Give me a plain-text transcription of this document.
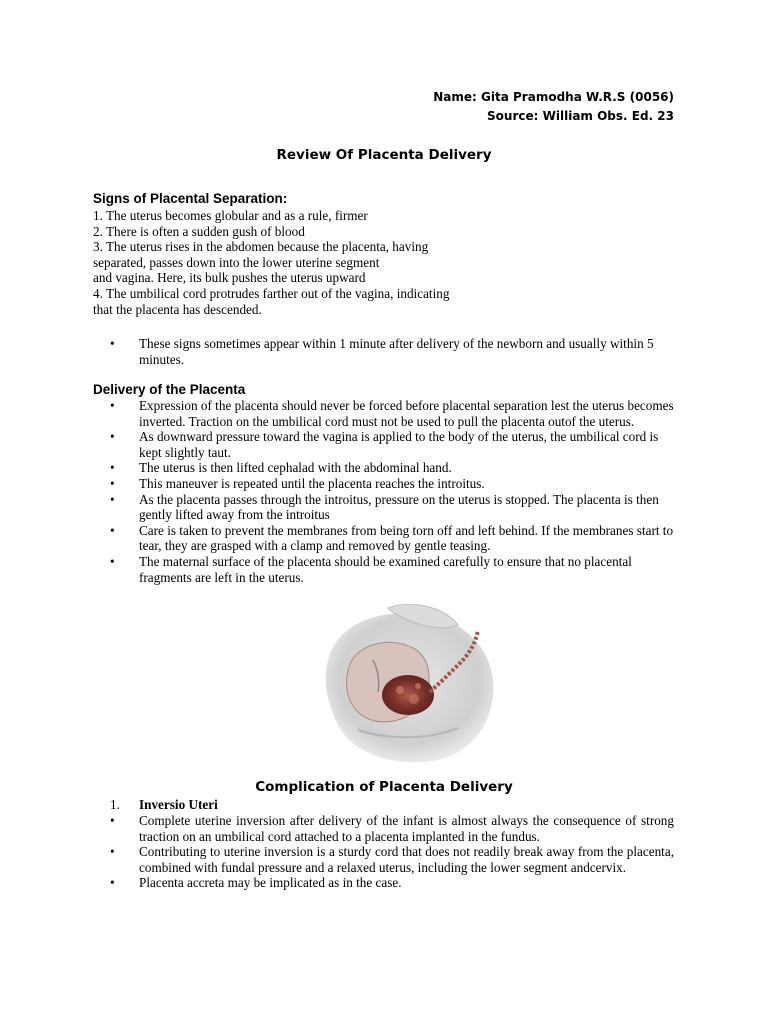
Name: Gita Pramodha W.R.S (0056)
Source: William Obs. Ed. 23
Review Of Placenta Delivery
Signs of Placental Separation:
1. The uterus becomes globular and as a rule, firmer
2. There is often a sudden gush of blood
3. The uterus rises in the abdomen because the placenta, having
separated, passes down into the lower uterine segment
and vagina. Here, its bulk pushes the uterus upward
4. The umbilical cord protrudes farther out of the vagina, indicating
that the placenta has descended.
• These signs sometimes appear within 1 minute after delivery of the newborn and usually within 5 minutes.
Delivery of the Placenta
• Expression of the placenta should never be forced before placental separation lest the uterus becomes inverted. Traction on the umbilical cord must not be used to pull the placenta outof the uterus.
• As downward pressure toward the vagina is applied to the body of the uterus, the umbilical cord is kept slightly taut.
• The uterus is then lifted cephalad with the abdominal hand.
• This maneuver is repeated until the placenta reaches the introitus.
• As the placenta passes through the introitus, pressure on the uterus is stopped. The placenta is then gently lifted away from the introitus
• Care is taken to prevent the membranes from being torn off and left behind. If the membranes start to tear, they are grasped with a clamp and removed by gentle teasing.
• The maternal surface of the placenta should be examined carefully to ensure that no placental fragments are left in the uterus.
Complication of Placenta Delivery
1. Inversio Uteri
• Complete uterine inversion after delivery of the infant is almost always the consequence of strong traction on an umbilical cord attached to a placenta implanted in the fundus.
• Contributing to uterine inversion is a sturdy cord that does not readily break away from the placenta, combined with fundal pressure and a relaxed uterus, including the lower segment andcervix.
• Placenta accreta may be implicated as in the case.
